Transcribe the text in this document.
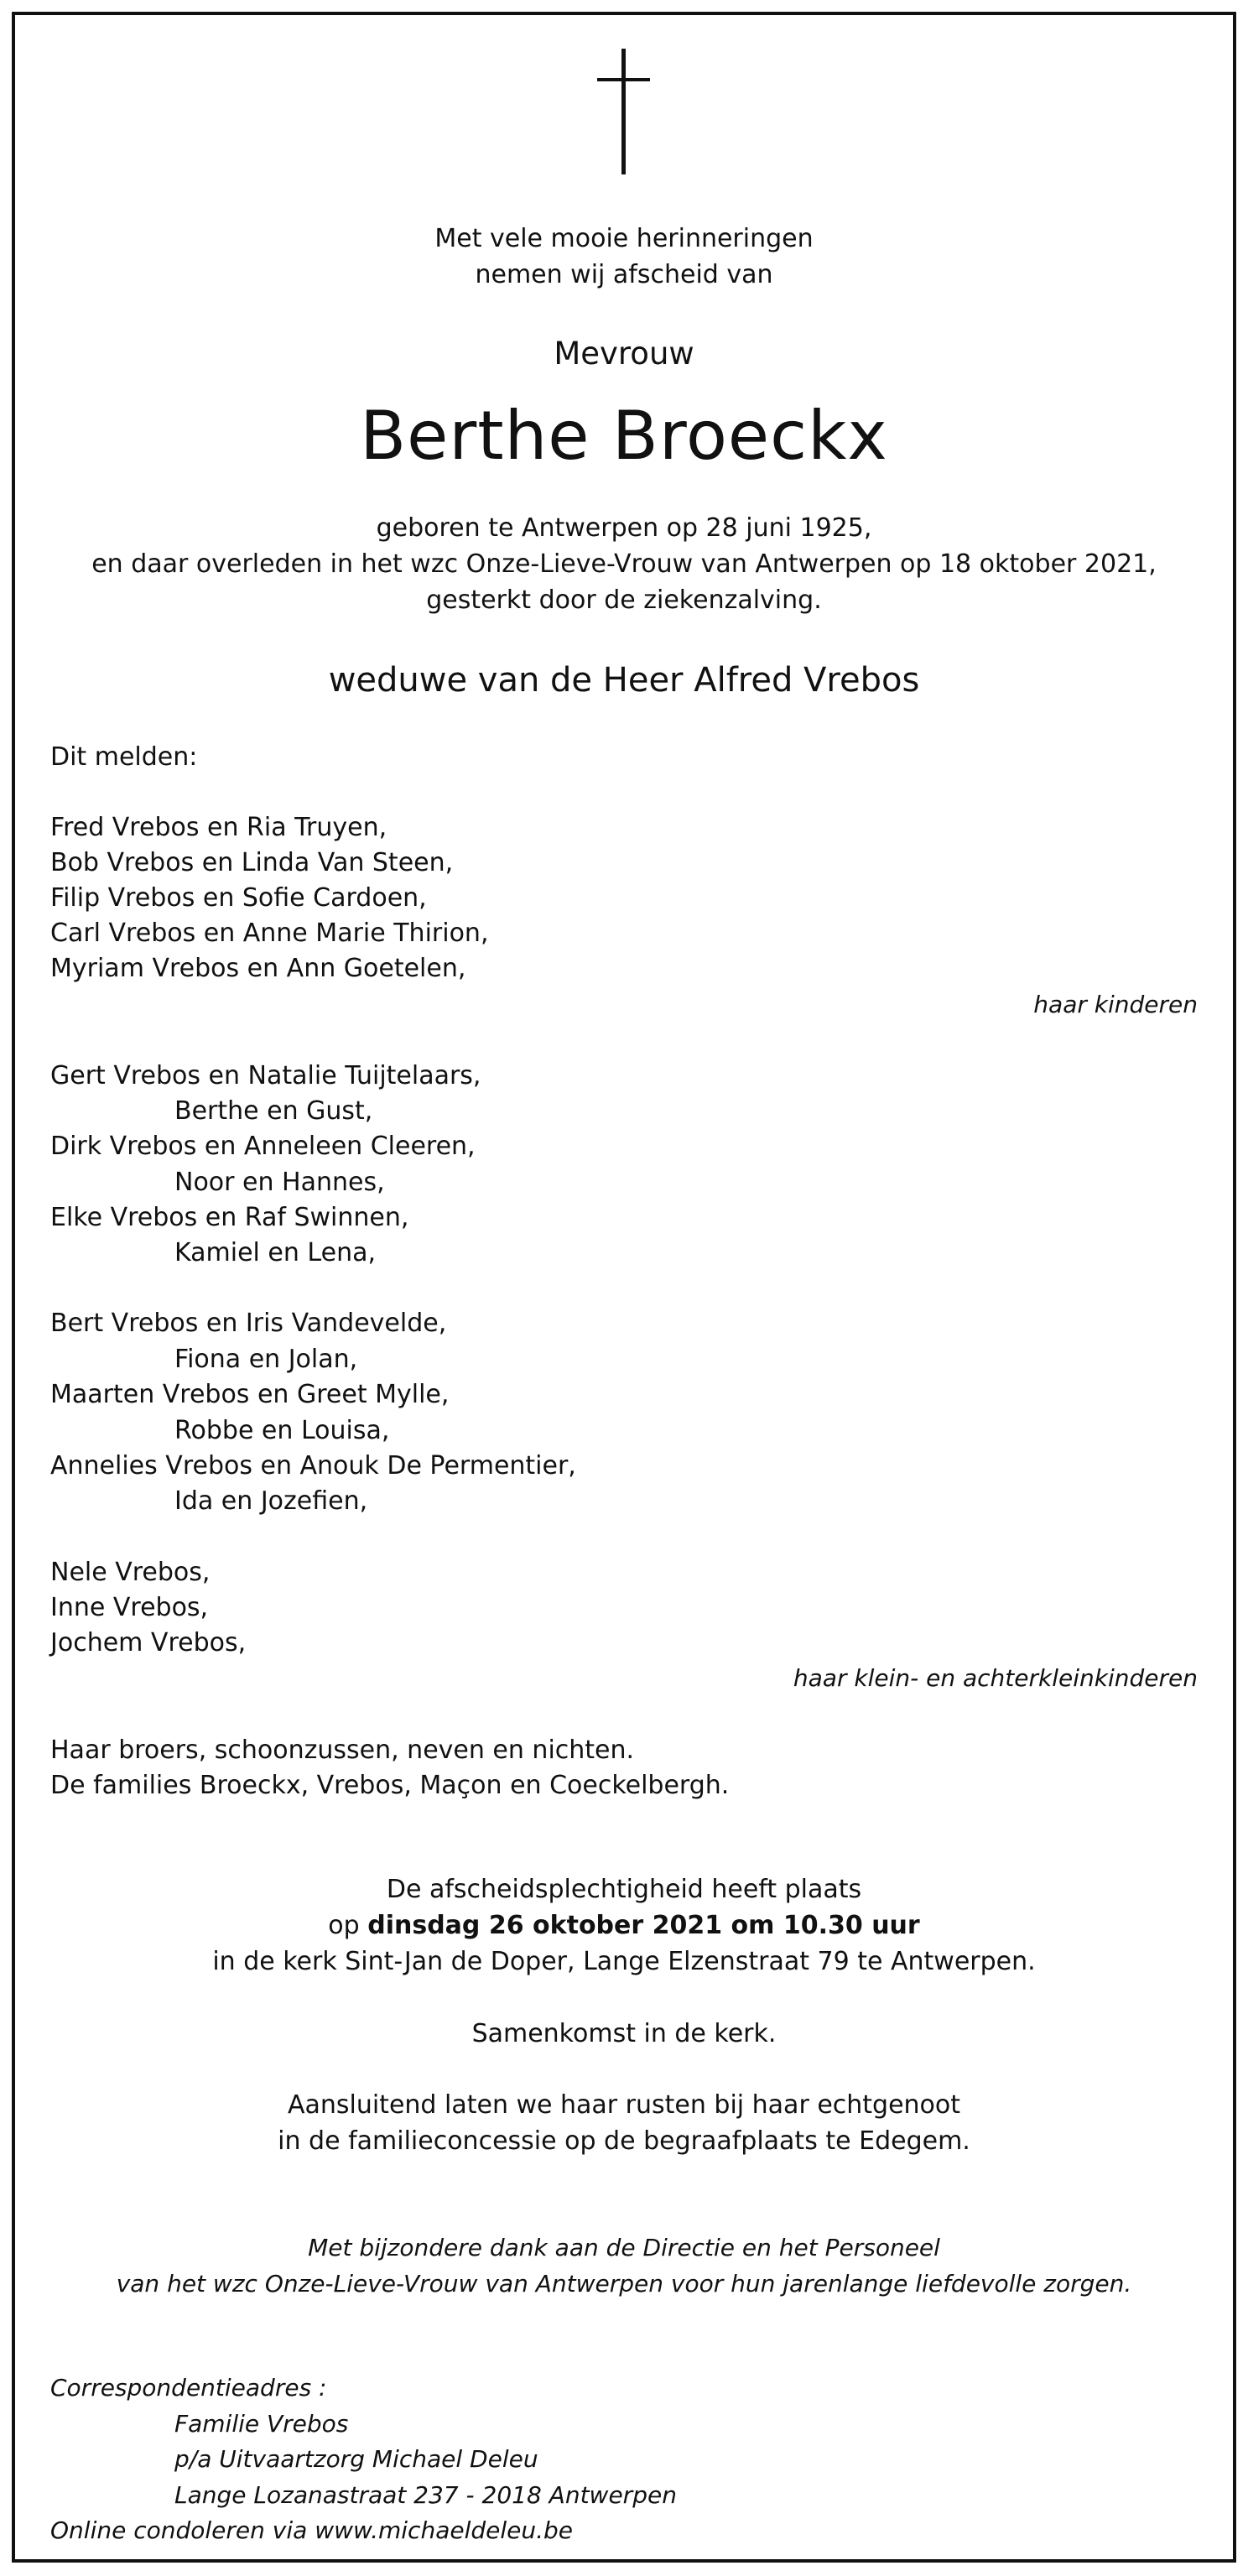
Met vele mooie herinneringen
nemen wij afscheid van
Mevrouw
Berthe Broeckx
geboren te Antwerpen op 28 juni 1925,
en daar overleden in het wzc Onze-Lieve-Vrouw van Antwerpen op 18 oktober 2021,
gesterkt door de ziekenzalving.
weduwe van de Heer Alfred Vrebos
Dit melden:
Fred Vrebos en Ria Truyen,
Bob Vrebos en Linda Van Steen,
Filip Vrebos en Sofie Cardoen,
Carl Vrebos en Anne Marie Thirion,
Myriam Vrebos en Ann Goetelen,
haar kinderen
Gert Vrebos en Natalie Tuijtelaars,
Berthe en Gust,
Dirk Vrebos en Anneleen Cleeren,
Noor en Hannes,
Elke Vrebos en Raf Swinnen,
Kamiel en Lena,
Bert Vrebos en Iris Vandevelde,
Fiona en Jolan,
Maarten Vrebos en Greet Mylle,
Robbe en Louisa,
Annelies Vrebos en Anouk De Permentier,
Ida en Jozefien,
Nele Vrebos,
Inne Vrebos,
Jochem Vrebos,
haar klein- en achterkleinkinderen
Haar broers, schoonzussen, neven en nichten.
De families Broeckx, Vrebos, Maçon en Coeckelbergh.
De afscheidsplechtigheid heeft plaats
op dinsdag 26 oktober 2021 om 10.30 uur
in de kerk Sint-Jan de Doper, Lange Elzenstraat 79 te Antwerpen.
Samenkomst in de kerk.
Aansluitend laten we haar rusten bij haar echtgenoot
in de familieconcessie op de begraafplaats te Edegem.
Met bijzondere dank aan de Directie en het Personeel
van het wzc Onze-Lieve-Vrouw van Antwerpen voor hun jarenlange liefdevolle zorgen.
Correspondentieadres :
Familie Vrebos
p/a Uitvaartzorg Michael Deleu
Lange Lozanastraat 237 - 2018 Antwerpen
Online condoleren via www.michaeldeleu.be
